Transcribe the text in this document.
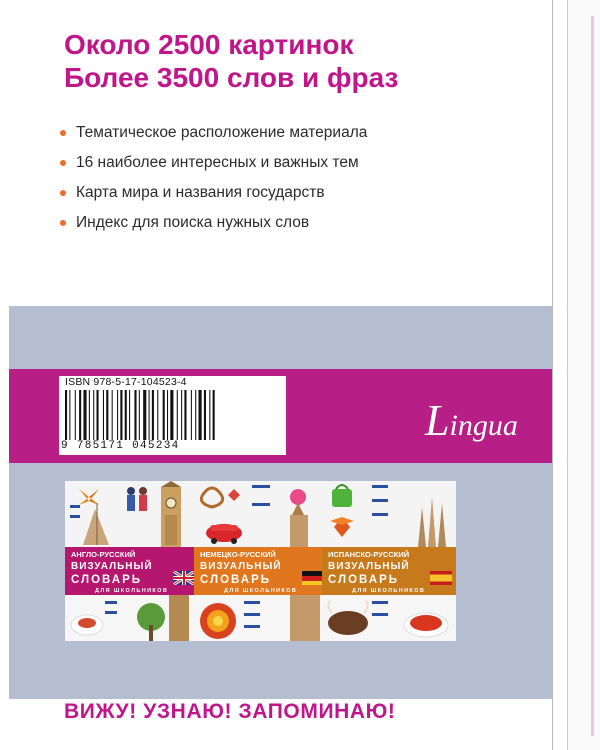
Около 2500 картинок
Более 3500 слов и фраз
Тематическое расположение материала
16 наиболее интересных и важных тем
Карта мира и названия государств
Индекс для поиска нужных слов
ISBN 978-5-17-104523-4
9 785171 045234
Lingua
АНГЛО-РУССКИЙ
ВИЗУАЛЬНЫЙ
СЛОВАРЬ
ДЛЯ ШКОЛЬНИКОВ
НЕМЕЦКО-РУССКИЙ
ВИЗУАЛЬНЫЙ
СЛОВАРЬ
ДЛЯ ШКОЛЬНИКОВ
ИСПАНСКО-РУССКИЙ
ВИЗУАЛЬНЫЙ
СЛОВАРЬ
ДЛЯ ШКОЛЬНИКОВ
ВИЖУ! УЗНАЮ! ЗАПОМИНАЮ!
